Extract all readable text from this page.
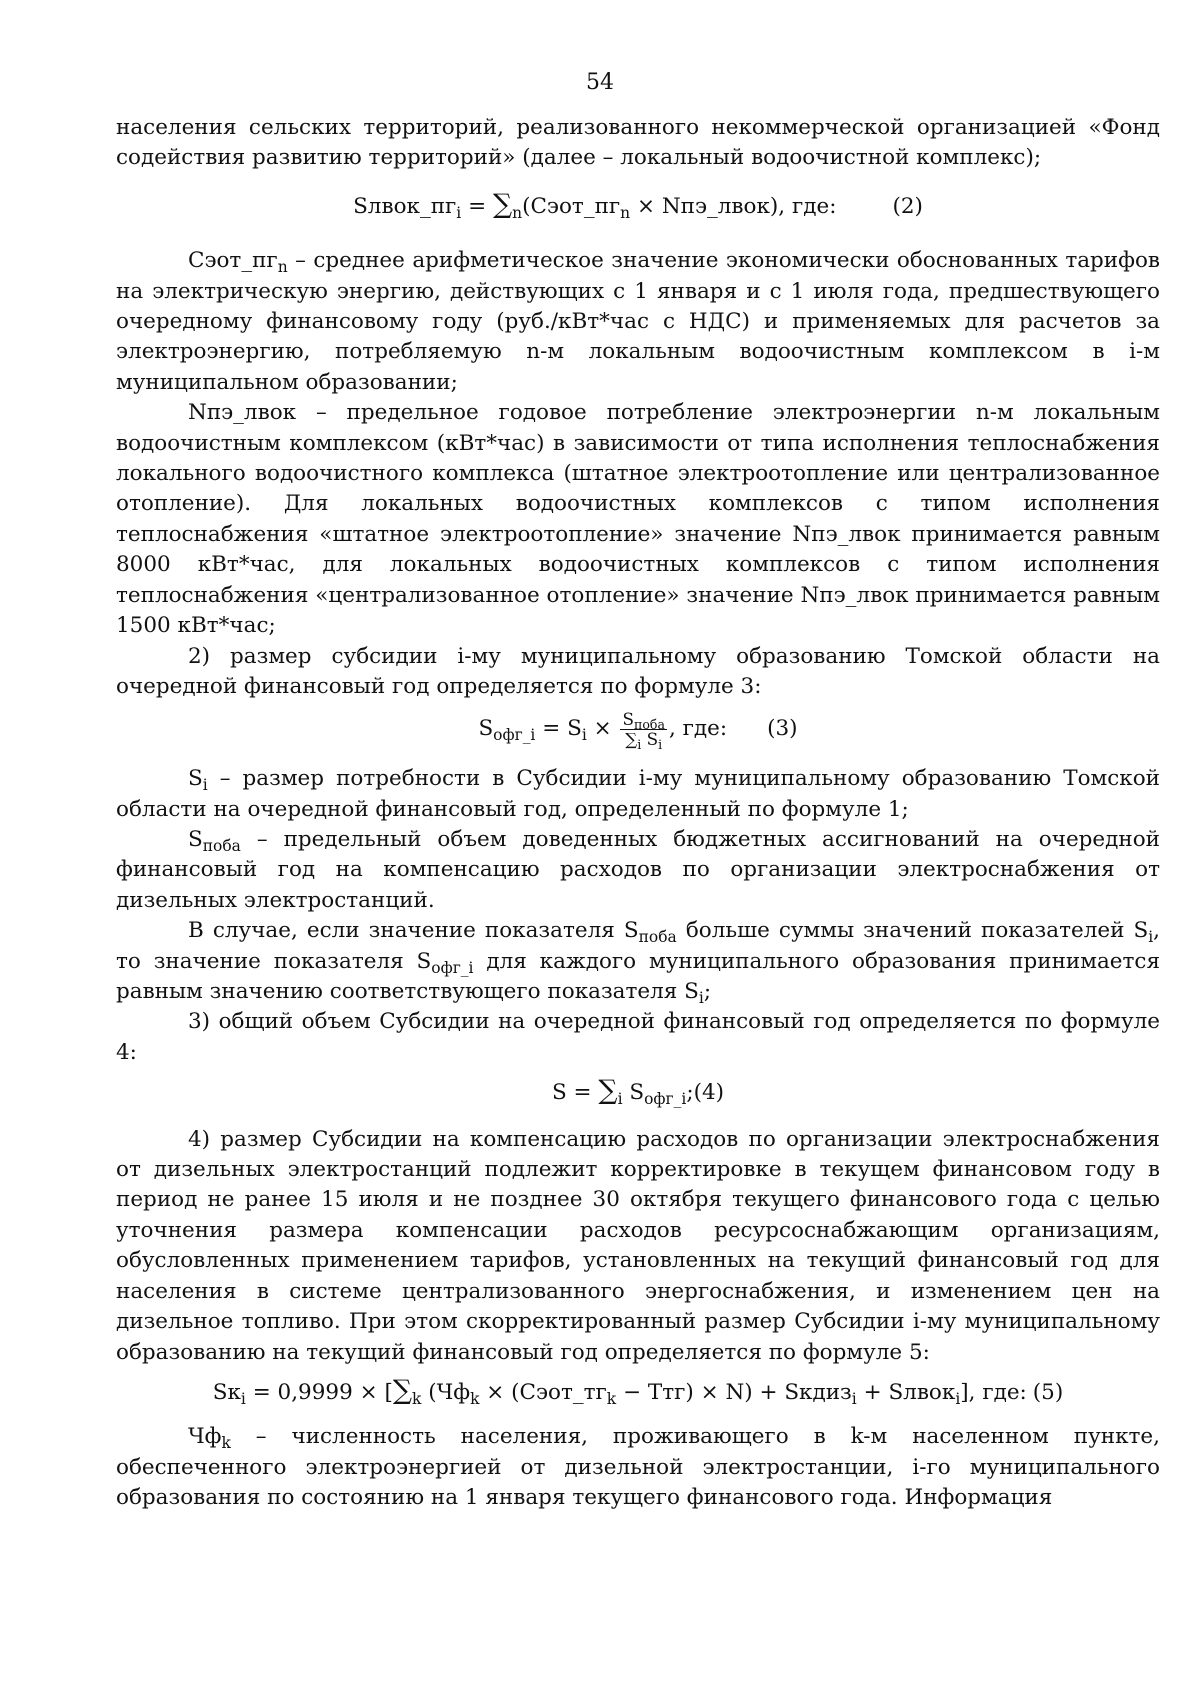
54

населения сельских территорий, реализованного некоммерческой организацией «Фонд содействия развитию территорий» (далее – локальный водоочистной комплекс);

$Sлвок\_пг_i$ = $\sum_n(Сэот\_пг_n$ × Nпэ_лвок), где:	(2)

$Сэот\_пг_n$ – среднее арифметическое значение экономически обоснованных тарифов на электрическую энергию, действующих с 1 января и с 1 июля года, предшествующего очередному финансовому году (руб./кВт*час с НДС) и применяемых для расчетов за электроэнергию, потребляемую n-м локальным водоочистным комплексом в i-м муниципальном образовании;

Nпэ_лвок – предельное годовое потребление электроэнергии n-м локальным водоочистным комплексом (кВт*час) в зависимости от типа исполнения теплоснабжения локального водоочистного комплекса (штатное электроотопление или централизованное отопление). Для локальных водоочистных комплексов с типом исполнения теплоснабжения «штатное электроотопление» значение Nпэ_лвок принимается равным 8000 кВт*час, для локальных водоочистных комплексов с типом исполнения теплоснабжения «централизованное отопление» значение Nпэ_лвок принимается равным 1500 кВт*час;

2) размер субсидии i-му муниципальному образованию Томской области на очередной финансовый год определяется по формуле 3:

$S_{офг\_i} = S_i \times \frac{S_{поба}}{\sum_i S_i}$ , где: (3)

$S_i$ – размер потребности в Субсидии i-му муниципальному образованию Томской области на очередной финансовый год, определенный по формуле 1;

$S_{поба}$ – предельный объем доведенных бюджетных ассигнований на очередной финансовый год на компенсацию расходов по организации электроснабжения от дизельных электростанций.

В случае, если значение показателя $S_{поба}$ больше суммы значений показателей $S_i$, то значение показателя $S_{офг\_i}$ для каждого муниципального образования принимается равным значению соответствующего показателя $S_i$;

3) общий объем Субсидии на очередной финансовый год определяется по формуле 4:

$S = \sum_i$ $S_{офг\_i};(4)$

4) размер Субсидии на компенсацию расходов по организации электроснабжения от дизельных электростанций подлежит корректировке в текущем финансовом году в период не ранее 15 июля и не позднее 30 октября текущего финансового года с целью уточнения размера компенсации расходов ресурсоснабжающим организациям, обусловленных применением тарифов, установленных на текущий финансовый год для населения в системе централизованного энергоснабжения, и изменением цен на дизельное топливо. При этом скорректированный размер Субсидии i-му муниципальному образованию на текущий финансовый год определяется по формуле 5:

$Sк_i = 0,9999 \times [\sum_k$ ($Чф_k$ × $(Сэот\_тг_k - Ттг) \times N$) + Sкдиз$_i$ + Sлвок$_i$], где: (5)

$Чф_k$ – численность населения, проживающего в k-м населенном пункте, обеспеченного электроэнергией от дизельной электростанции, i-го муниципального образования по состоянию на 1 января текущего финансового года. Информация
